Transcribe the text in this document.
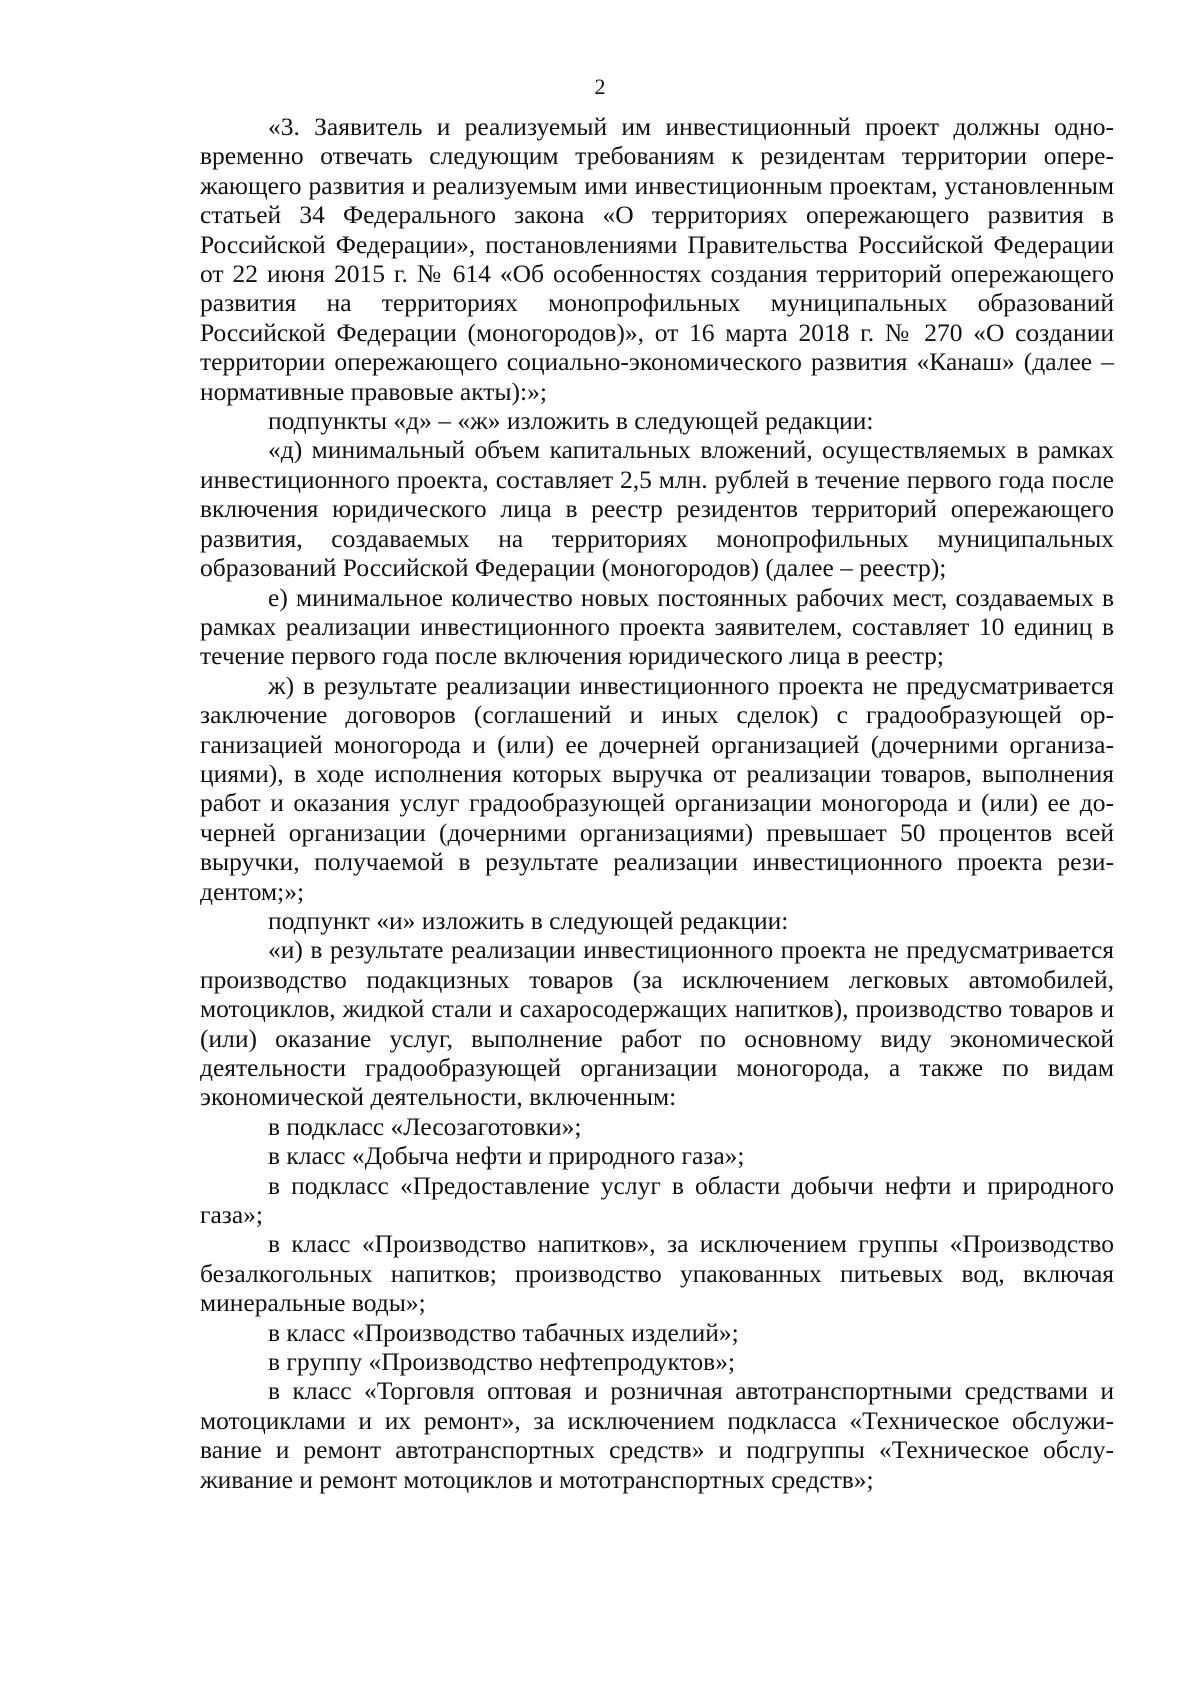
2

«3. Заявитель и реализуемый им инвестиционный проект должны одновременно отвечать следующим требованиям к резидентам территории опережающего развития и реализуемым ими инвестиционным проектам, установленным статьей 34 Федерального закона «О территориях опережающего развития в Российской Федерации», постановлениями Правительства Российской Федерации от 22 июня 2015 г. № 614 «Об особенностях создания территорий опережающего развития на территориях монопрофильных муниципальных образований Российской Федерации (моногородов)», от 16 марта 2018 г. № 270 «О создании территории опережающего социально-экономического развития «Канаш» (далее – нормативные правовые акты):»;

подпункты «д» – «ж» изложить в следующей редакции:

«д) минимальный объем капитальных вложений, осуществляемых в рамках инвестиционного проекта, составляет 2,5 млн. рублей в течение первого года после включения юридического лица в реестр резидентов территорий опережающего развития, создаваемых на территориях монопрофильных муниципальных образований Российской Федерации (моногородов) (далее – реестр);

е) минимальное количество новых постоянных рабочих мест, создаваемых в рамках реализации инвестиционного проекта заявителем, составляет 10 единиц в течение первого года после включения юридического лица в реестр;

ж) в результате реализации инвестиционного проекта не предусматривается заключение договоров (соглашений и иных сделок) с градообразующей организацией моногорода и (или) ее дочерней организацией (дочерними организациями), в ходе исполнения которых выручка от реализации товаров, выполнения работ и оказания услуг градообразующей организации моногорода и (или) ее дочерней организации (дочерними организациями) превышает 50 процентов всей выручки, получаемой в результате реализации инвестиционного проекта резидентом;»;

подпункт «и» изложить в следующей редакции:

«и) в результате реализации инвестиционного проекта не предусматривается производство подакцизных товаров (за исключением легковых автомобилей, мотоциклов, жидкой стали и сахаросодержащих напитков), производство товаров и (или) оказание услуг, выполнение работ по основному виду экономической деятельности градообразующей организации моногорода, а также по видам экономической деятельности, включенным:

в подкласс «Лесозаготовки»;

в класс «Добыча нефти и природного газа»;

в подкласс «Предоставление услуг в области добычи нефти и природного газа»;

в класс «Производство напитков», за исключением группы «Производство безалкогольных напитков; производство упакованных питьевых вод, включая минеральные воды»;

в класс «Производство табачных изделий»;

в группу «Производство нефтепродуктов»;

в класс «Торговля оптовая и розничная автотранспортными средствами и мотоциклами и их ремонт», за исключением подкласса «Техническое обслуживание и ремонт автотранспортных средств» и подгруппы «Техническое обслуживание и ремонт мотоциклов и мототранспортных средств»;
